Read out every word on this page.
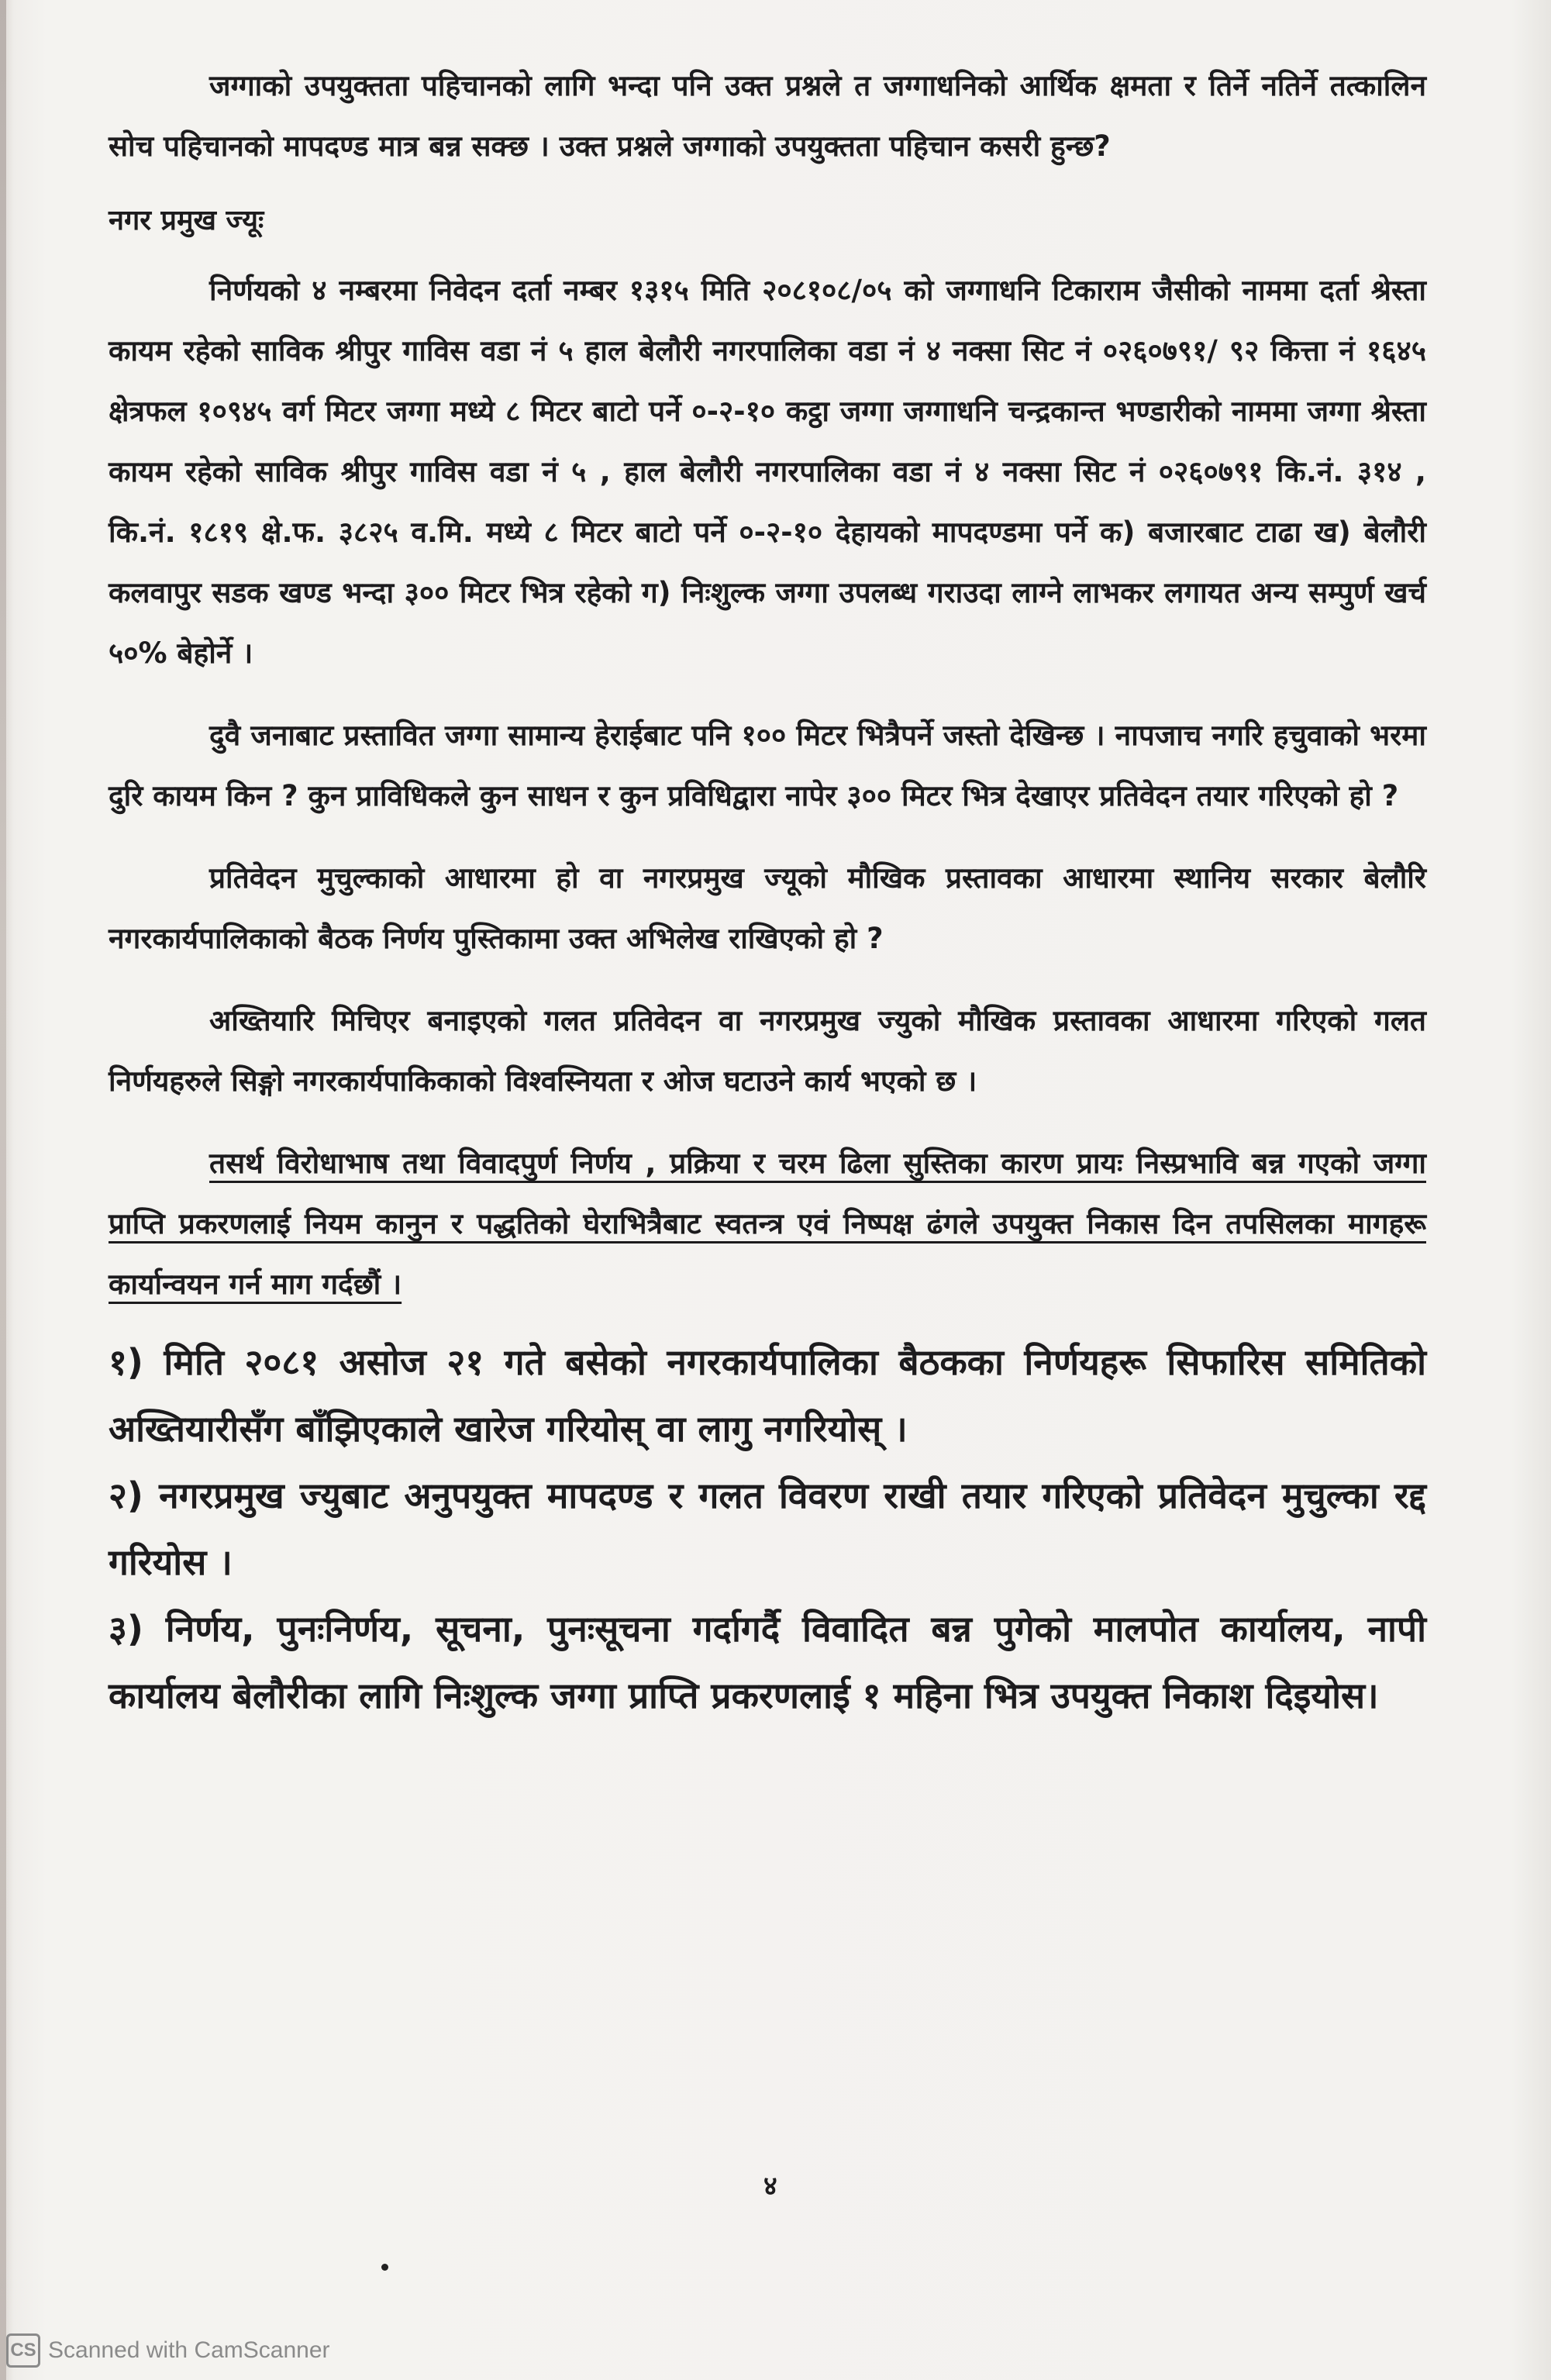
जग्गाको उपयुक्तता पहिचानको लागि भन्दा पनि उक्त प्रश्नले त जग्गाधनिको आर्थिक क्षमता र तिर्ने नतिर्ने तत्कालिन सोच पहिचानको मापदण्ड मात्र बन्न सक्छ । उक्त प्रश्नले जग्गाको उपयुक्तता पहिचान कसरी हुन्छ?

नगर प्रमुख ज्यूः

निर्णयको ४ नम्बरमा निवेदन दर्ता नम्बर १३१५ मिति २०८१०८/०५ को जग्गाधनि टिकाराम जैसीको नाममा दर्ता श्रेस्ता कायम रहेको साविक श्रीपुर गाविस वडा नं ५ हाल बेलौरी नगरपालिका वडा नं ४ नक्सा सिट नं ०२६०७९१/ ९२ कित्ता नं १६४५ क्षेत्रफल १०९४५ वर्ग मिटर जग्गा मध्ये ८ मिटर बाटो पर्ने ०-२-१० कट्ठा जग्गा जग्गाधनि चन्द्रकान्त भण्डारीको नाममा जग्गा श्रेस्ता कायम रहेको साविक श्रीपुर गाविस वडा नं ५ , हाल बेलौरी नगरपालिका वडा नं ४ नक्सा सिट नं ०२६०७९१ कि.नं. ३१४ , कि.नं. १८१९ क्षे.फ. ३८२५ व.मि. मध्ये ८ मिटर बाटो पर्ने ०-२-१० देहायको मापदण्डमा पर्ने क) बजारबाट टाढा ख) बेलौरी कलवापुर सडक खण्ड भन्दा ३०० मिटर भित्र रहेको ग) निःशुल्क जग्गा उपलब्ध गराउदा लाग्ने लाभकर लगायत अन्य सम्पुर्ण खर्च ५०% बेहोर्ने ।

दुवै जनाबाट प्रस्तावित जग्गा सामान्य हेराईबाट पनि १०० मिटर भित्रैपर्ने जस्तो देखिन्छ । नापजाच नगरि हचुवाको भरमा दुरि कायम किन ? कुन प्राविधिकले कुन साधन र कुन प्रविधिद्वारा नापेर ३०० मिटर भित्र देखाएर प्रतिवेदन तयार गरिएको हो ?

प्रतिवेदन मुचुल्काको आधारमा हो वा नगरप्रमुख ज्यूको मौखिक प्रस्तावका आधारमा स्थानिय सरकार बेलौरि नगरकार्यपालिकाको बैठक निर्णय पुस्तिकामा उक्त अभिलेख राखिएको हो ?

अख्तियारि मिचिएर बनाइएको गलत प्रतिवेदन वा नगरप्रमुख ज्युको मौखिक प्रस्तावका आधारमा गरिएको गलत निर्णयहरुले सिङ्गो नगरकार्यपाकिकाको विश्वस्नियता र ओज घटाउने कार्य भएको छ ।

तसर्थ विरोधाभाष तथा विवादपुर्ण निर्णय , प्रक्रिया र चरम ढिला सुस्तिका कारण प्रायः निस्प्रभावि बन्न गएको जग्गा प्राप्ति प्रकरणलाई नियम कानुन र पद्धतिको घेराभित्रैबाट स्वतन्त्र एवं निष्पक्ष ढंगले उपयुक्त निकास दिन तपसिलका मागहरू कार्यान्वयन गर्न माग गर्दछौं ।

१) मिति २०८१ असोज २१ गते बसेको नगरकार्यपालिका बैठकका निर्णयहरू सिफारिस समितिको अख्तियारीसँग बाँझिएकाले खारेज गरियोस् वा लागु नगरियोस् ।

२) नगरप्रमुख ज्युबाट अनुपयुक्त मापदण्ड र गलत विवरण राखी तयार गरिएको प्रतिवेदन मुचुल्का रद्द गरियोस ।

३) निर्णय, पुनःनिर्णय, सूचना, पुनःसूचना गर्दागर्दै विवादित बन्न पुगेको मालपोत कार्यालय, नापी कार्यालय बेलौरीका लागि निःशुल्क जग्गा प्राप्ति प्रकरणलाई १ महिना भित्र उपयुक्त निकाश दिइयोस।

४
CS Scanned with CamScanner
